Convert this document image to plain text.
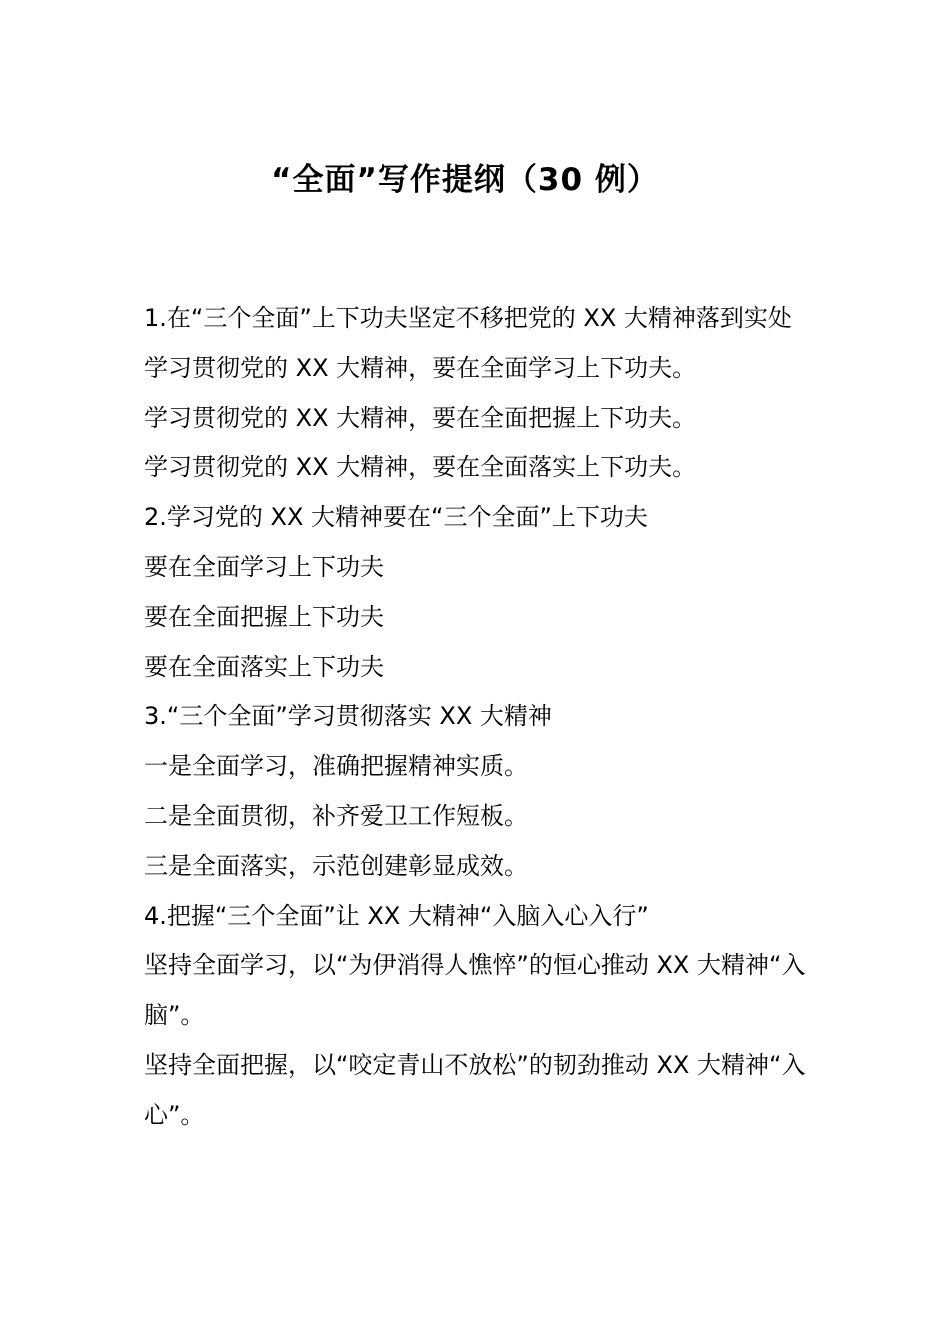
“全面”写作提纲（30 例）

1.在“三个全面”上下功夫坚定不移把党的 XX 大精神落到实处

学习贯彻党的 XX 大精神，要在全面学习上下功夫。

学习贯彻党的 XX 大精神，要在全面把握上下功夫。

学习贯彻党的 XX 大精神，要在全面落实上下功夫。

2.学习党的 XX 大精神要在“三个全面”上下功夫

要在全面学习上下功夫

要在全面把握上下功夫

要在全面落实上下功夫

3.“三个全面”学习贯彻落实 XX 大精神

一是全面学习，准确把握精神实质。

二是全面贯彻，补齐爱卫工作短板。

三是全面落实，示范创建彰显成效。

4.把握“三个全面”让 XX 大精神“入脑入心入行”

坚持全面学习，以“为伊消得人憔悴”的恒心推动 XX 大精神“入脑”。

坚持全面把握，以“咬定青山不放松”的韧劲推动 XX 大精神“入心”。
